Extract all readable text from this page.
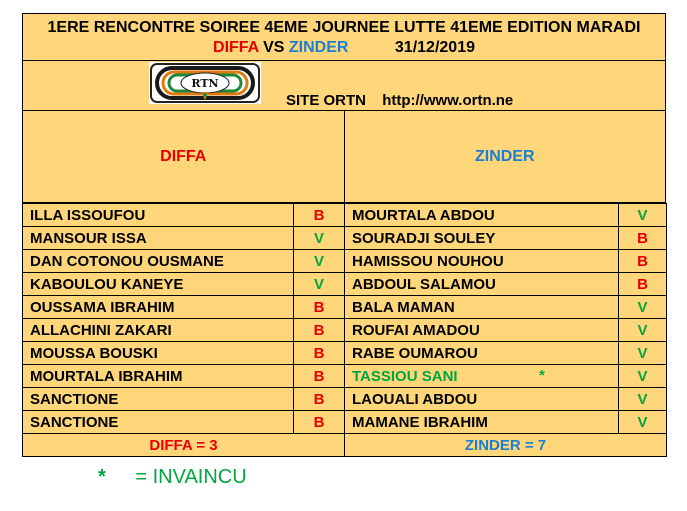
1ERE RENCONTRE SOIREE 4EME JOURNEE LUTTE 41EME EDITION MARADI
DIFFA VS ZINDER	31/12/2019
RTN
SITE ORTN http://www.ortn.ne
DIFFA	ZINDER
ILLA ISSOUFOU	B	MOURTALA ABDOU	V
MANSOUR ISSA	V	SOURADJI SOULEY	B
DAN COTONOU OUSMANE	V	HAMISSOU NOUHOU	B
KABOULOU KANEYE	V	ABDOUL SALAMOU	B
OUSSAMA IBRAHIM	B	BALA MAMAN	V
ALLACHINI ZAKARI	B	ROUFAI AMADOU	V
MOUSSA BOUSKI	B	RABE OUMAROU	V
MOURTALA IBRAHIM	B	TASSIOU SANI *	V
SANCTIONE	B	LAOUALI ABDOU	V
SANCTIONE	B	MAMANE IBRAHIM	V
DIFFA = 3		ZINDER = 7	
* = INVAINCU
